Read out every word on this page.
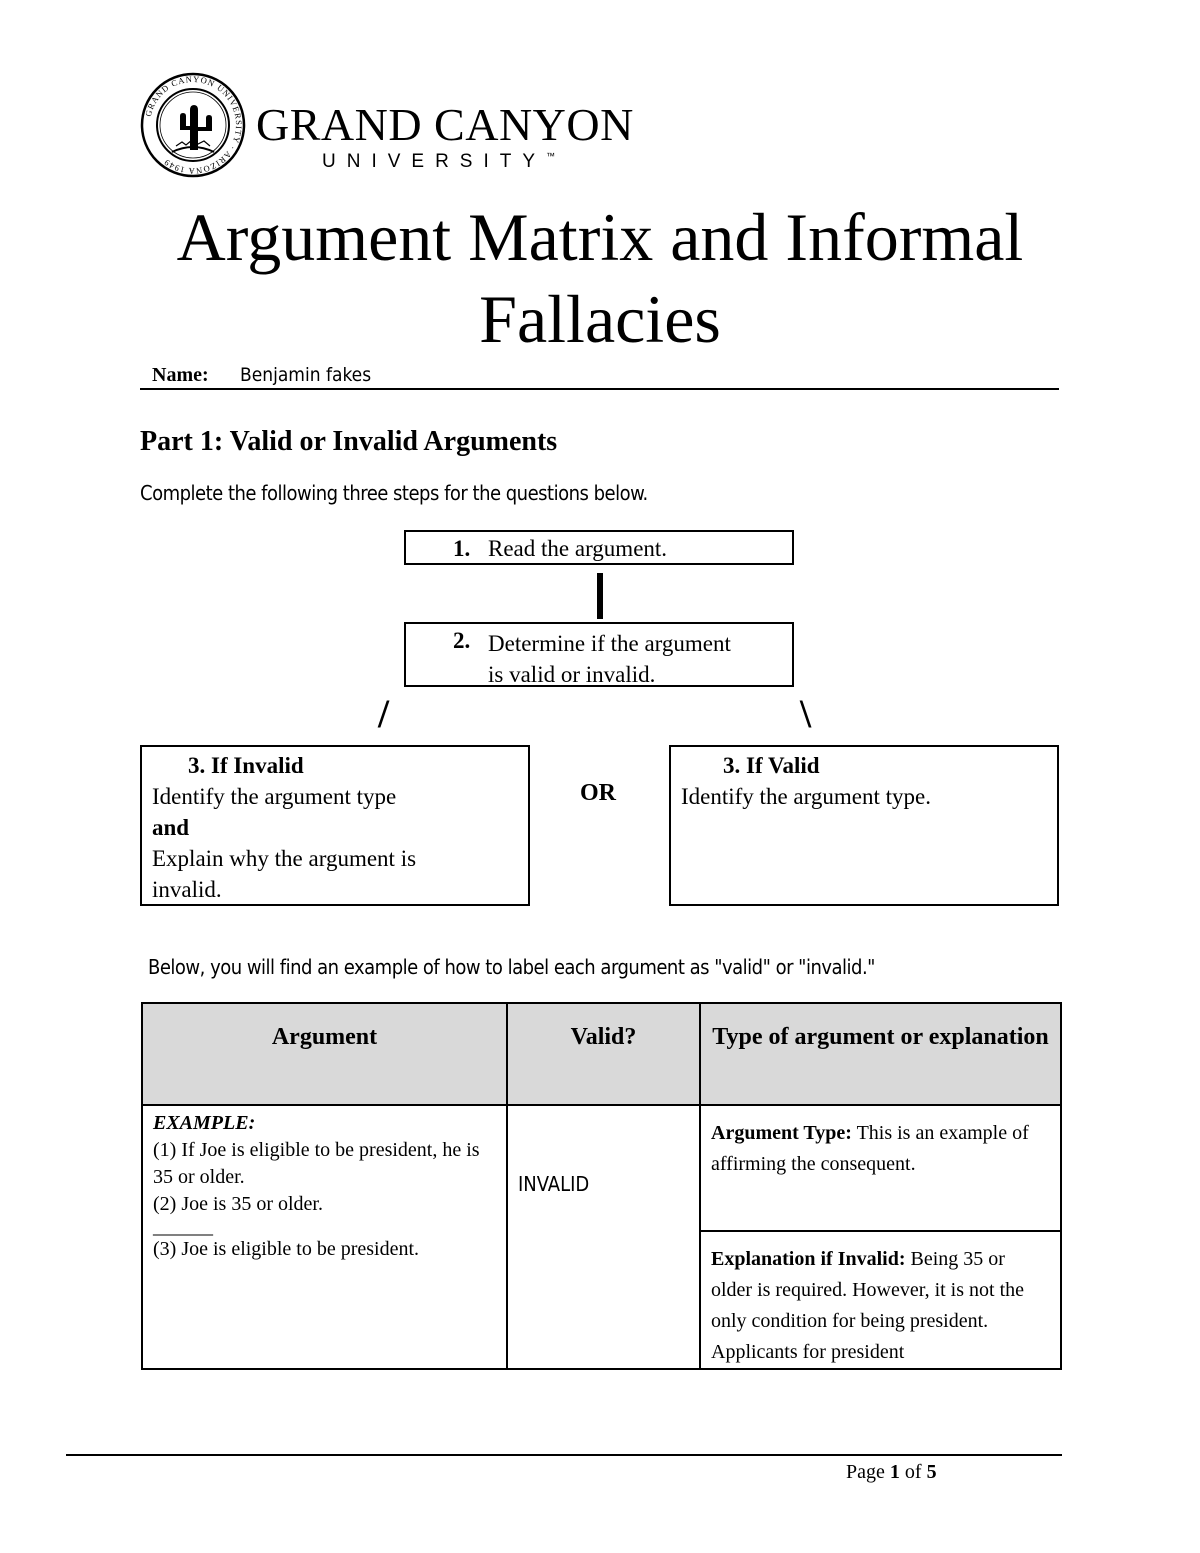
GRAND CANYON UNIVERSITY · ARIZONA 1949
GRAND CANYON
UNIVERSITY™
Argument Matrix and Informal
Fallacies
Name: Benjamin fakes
Part 1: Valid or Invalid Arguments
Complete the following three steps for the questions below.
1. Read the argument.
2. Determine if the argument
is valid or invalid.
/	\
3. If Invalid
Identify the argument type
and
Explain why the argument is
invalid.
OR
3. If Valid
Identify the argument type.
Below, you will find an example of how to label each argument as "valid" or "invalid."
Argument	Valid?	Type of argument or explanation

EXAMPLE:
(1) If Joe is eligible to be president, he is 35 or older.
(2) Joe is 35 or older.
______
(3) Joe is eligible to be president.	INVALID	Argument Type: This is an example of affirming the consequent.

		Explanation if Invalid: Being 35 or older is required. However, it is not the only condition for being president. Applicants for president
Page 1 of 5
